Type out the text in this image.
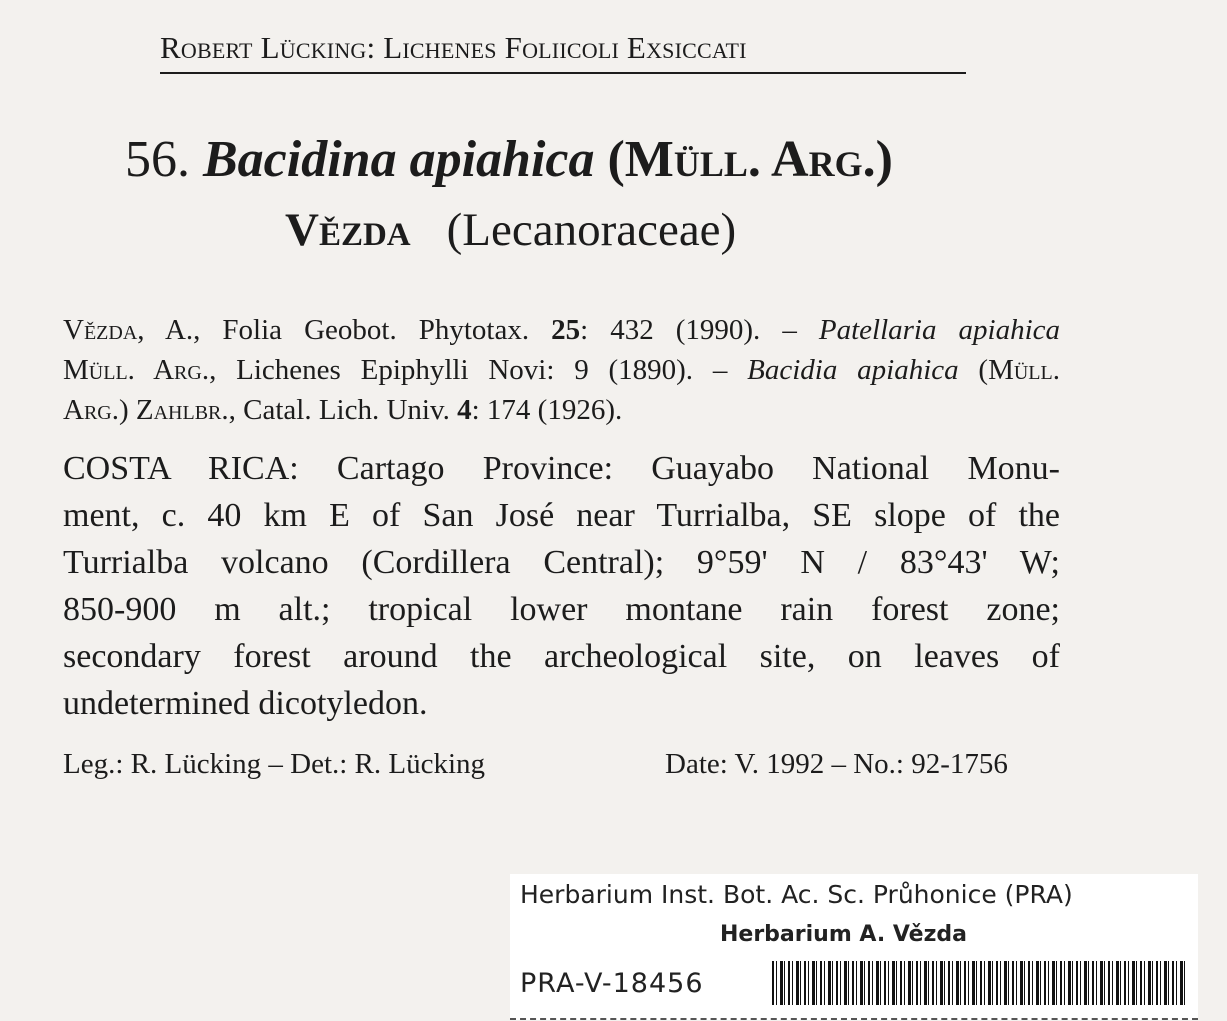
Robert Lücking: Lichenes Foliicoli Exsiccati
56. Bacidina apiahica (Müll. Arg.)
Vězda (Lecanoraceae)
Vězda, A., Folia Geobot. Phytotax. 25: 432 (1990). – Patellaria apiahica
Müll. Arg., Lichenes Epiphylli Novi: 9 (1890). – Bacidia apiahica (Müll.
Arg.) Zahlbr., Catal. Lich. Univ. 4: 174 (1926).
COSTA RICA: Cartago Province: Guayabo National Monu-
ment, c. 40 km E of San José near Turrialba, SE slope of the
Turrialba volcano (Cordillera Central); 9°59' N / 83°43' W;
850-900 m alt.; tropical lower montane rain forest zone;
secondary forest around the archeological site, on leaves of
undetermined dicotyledon.
Leg.: R. Lücking – Det.: R. Lücking	Date: V. 1992 – No.: 92-1756
Herbarium Inst. Bot. Ac. Sc. Průhonice (PRA)
Herbarium A. Vězda
PRA-V-18456
